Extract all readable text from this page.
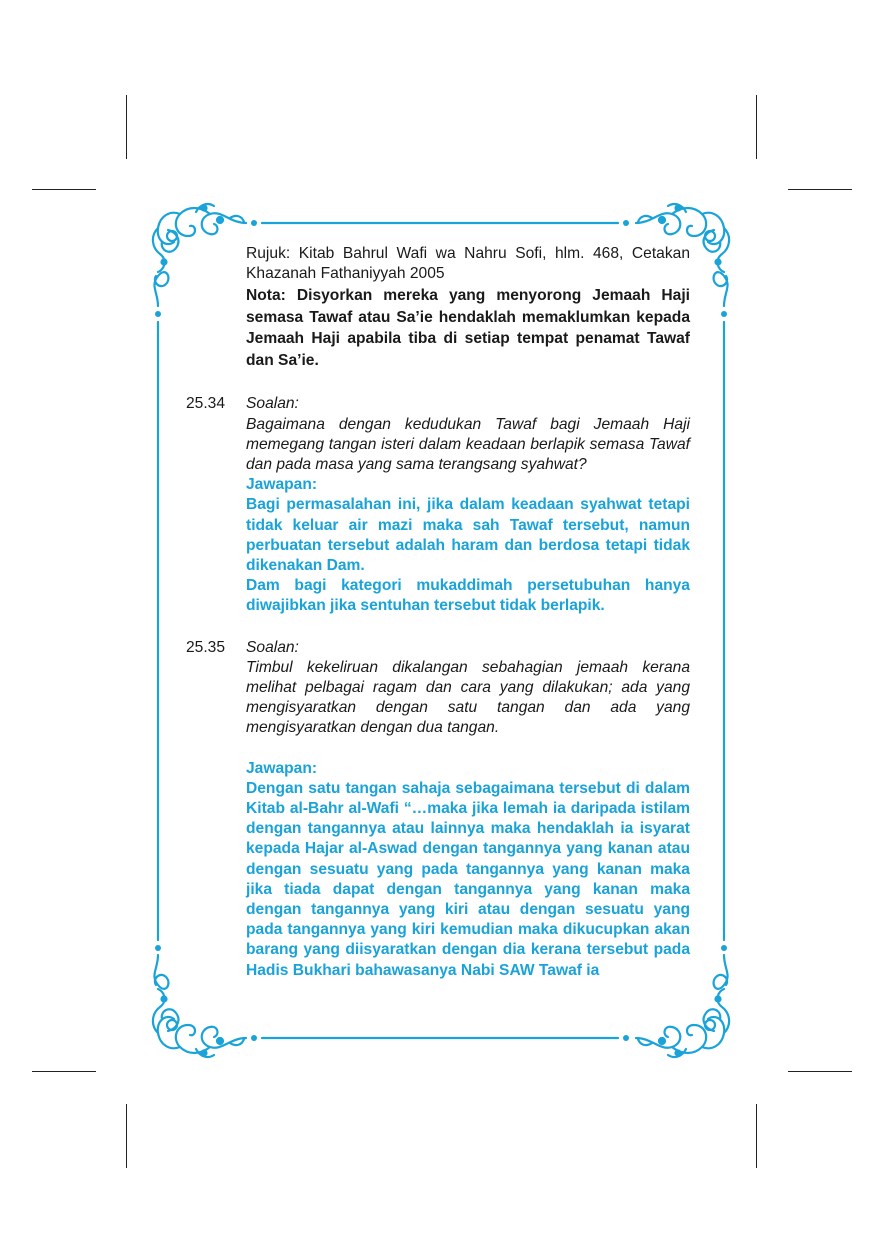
Rujuk: Kitab Bahrul Wafi wa Nahru Sofi, hlm. 468, Cetakan Khazanah Fathaniyyah 2005
Nota: Disyorkan mereka yang menyorong Jemaah Haji semasa Tawaf atau Sa’ie hendaklah memaklumkan kepada Jemaah Haji apabila tiba di setiap tempat penamat Tawaf dan Sa’ie.
25.34 Soalan:
Bagaimana dengan kedudukan Tawaf bagi Jemaah Haji memegang tangan isteri dalam keadaan berlapik semasa Tawaf dan pada masa yang sama terangsang syahwat?
Jawapan:

Bagi permasalahan ini, jika dalam keadaan syahwat tetapi tidak keluar air mazi maka sah Tawaf tersebut, namun perbuatan tersebut adalah haram dan berdosa tetapi tidak dikenakan Dam.

Dam bagi kategori mukaddimah persetubuhan hanya diwajibkan jika sentuhan tersebut tidak berlapik.

25.35 Soalan:
Timbul kekeliruan dikalangan sebahagian jemaah kerana melihat pelbagai ragam dan cara yang dilakukan; ada yang mengisyaratkan dengan satu tangan dan ada yang mengisyaratkan dengan dua tangan.
Jawapan:

Dengan satu tangan sahaja sebagaimana tersebut di dalam Kitab al-Bahr al-Wafi “…maka jika lemah ia daripada istilam dengan tangannya atau lainnya maka hendaklah ia isyarat kepada Hajar al-Aswad dengan tangannya yang kanan atau dengan sesuatu yang pada tangannya yang kanan maka jika tiada dapat dengan tangannya yang kanan maka dengan tangannya yang kiri atau dengan sesuatu yang pada tangannya yang kiri kemudian maka dikucupkan akan barang yang diisyaratkan dengan dia kerana tersebut pada Hadis Bukhari bahawasanya Nabi SAW Tawaf ia
